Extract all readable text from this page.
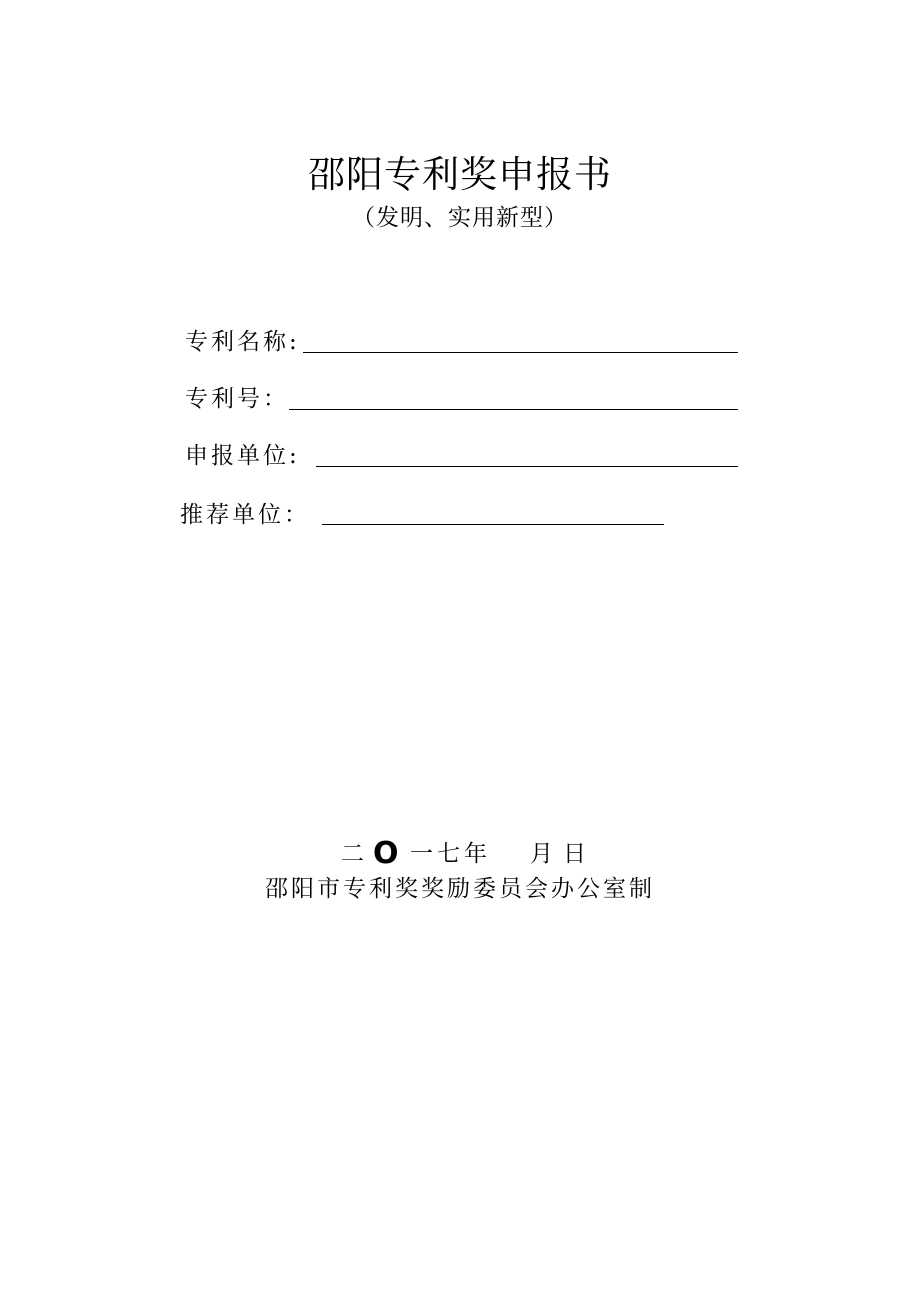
邵阳专利奖申报书
（发明、实用新型）
专利名称:
专利号：
申报单位:
推荐单位：
二 O 一七年 月日
邵阳市专利奖奖励委员会办公室制
